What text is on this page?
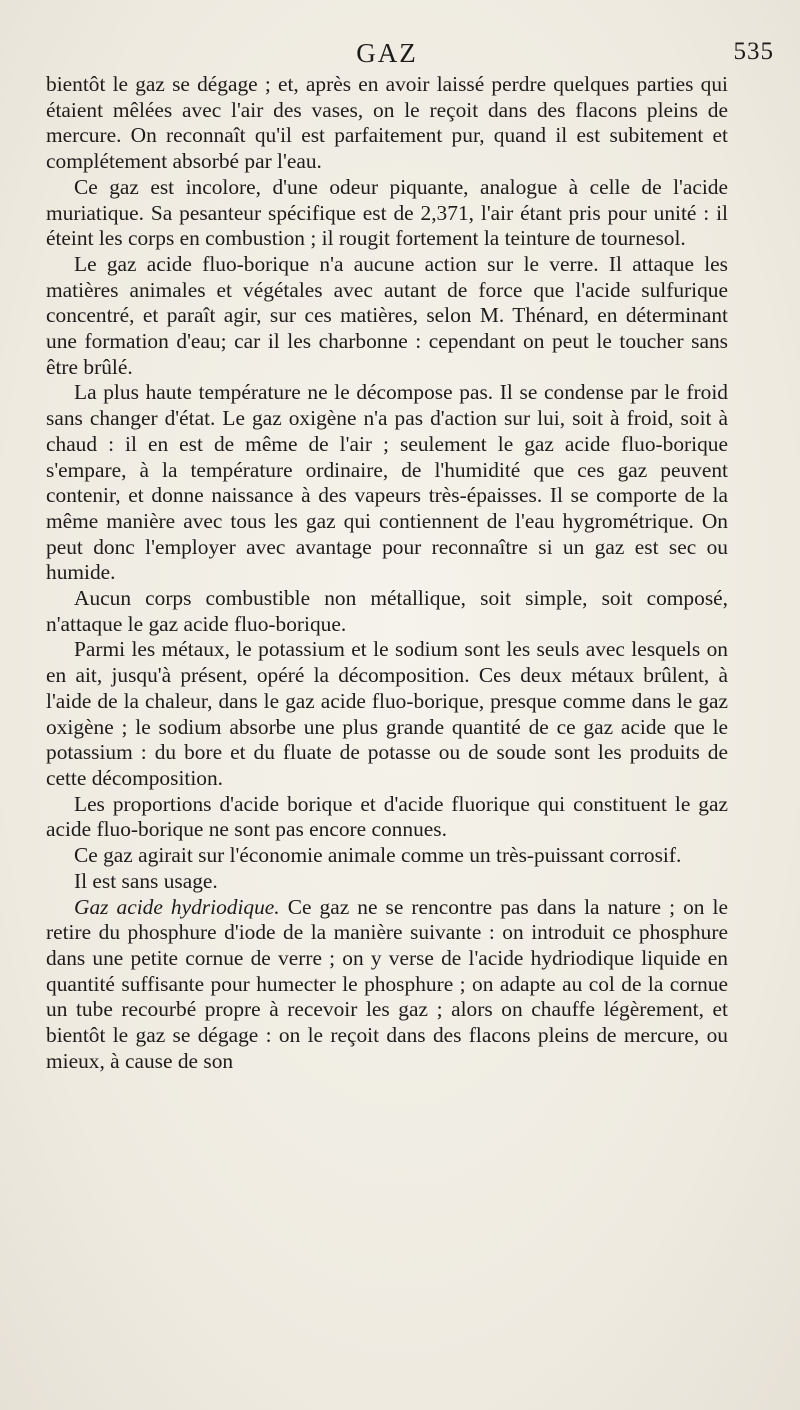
GAZ	535

bientôt le gaz se dégage ; et, après en avoir laissé perdre quelques parties qui étaient mêlées avec l'air des vases, on le reçoit dans des flacons pleins de mercure. On reconnaît qu'il est parfaitement pur, quand il est subitement et complétement absorbé par l'eau.

Ce gaz est incolore, d'une odeur piquante, analogue à celle de l'acide muriatique. Sa pesanteur spécifique est de 2,371, l'air étant pris pour unité : il éteint les corps en combustion ; il rougit fortement la teinture de tournesol.

Le gaz acide fluo-borique n'a aucune action sur le verre. Il attaque les matières animales et végétales avec autant de force que l'acide sulfurique concentré, et paraît agir, sur ces matières, selon M. Thénard, en déterminant une formation d'eau; car il les charbonne : cependant on peut le toucher sans être brûlé.

La plus haute température ne le décompose pas. Il se condense par le froid sans changer d'état. Le gaz oxigène n'a pas d'action sur lui, soit à froid, soit à chaud : il en est de même de l'air ; seulement le gaz acide fluo-borique s'empare, à la température ordinaire, de l'humidité que ces gaz peuvent contenir, et donne naissance à des vapeurs très-épaisses. Il se comporte de la même manière avec tous les gaz qui contiennent de l'eau hygrométrique. On peut donc l'employer avec avantage pour reconnaître si un gaz est sec ou humide.

Aucun corps combustible non métallique, soit simple, soit composé, n'attaque le gaz acide fluo-borique.

Parmi les métaux, le potassium et le sodium sont les seuls avec lesquels on en ait, jusqu'à présent, opéré la décomposition. Ces deux métaux brûlent, à l'aide de la chaleur, dans le gaz acide fluo-borique, presque comme dans le gaz oxigène ; le sodium absorbe une plus grande quantité de ce gaz acide que le potassium : du bore et du fluate de potasse ou de soude sont les produits de cette décomposition.

Les proportions d'acide borique et d'acide fluorique qui constituent le gaz acide fluo-borique ne sont pas encore connues.

Ce gaz agirait sur l'économie animale comme un très-puissant corrosif.

Il est sans usage.

Gaz acide hydriodique. Ce gaz ne se rencontre pas dans la nature ; on le retire du phosphure d'iode de la manière suivante : on introduit ce phosphure dans une petite cornue de verre ; on y verse de l'acide hydriodique liquide en quantité suffisante pour humecter le phosphure ; on adapte au col de la cornue un tube recourbé propre à recevoir les gaz ; alors on chauffe légèrement, et bientôt le gaz se dégage : on le reçoit dans des flacons pleins de mercure, ou mieux, à cause de son
